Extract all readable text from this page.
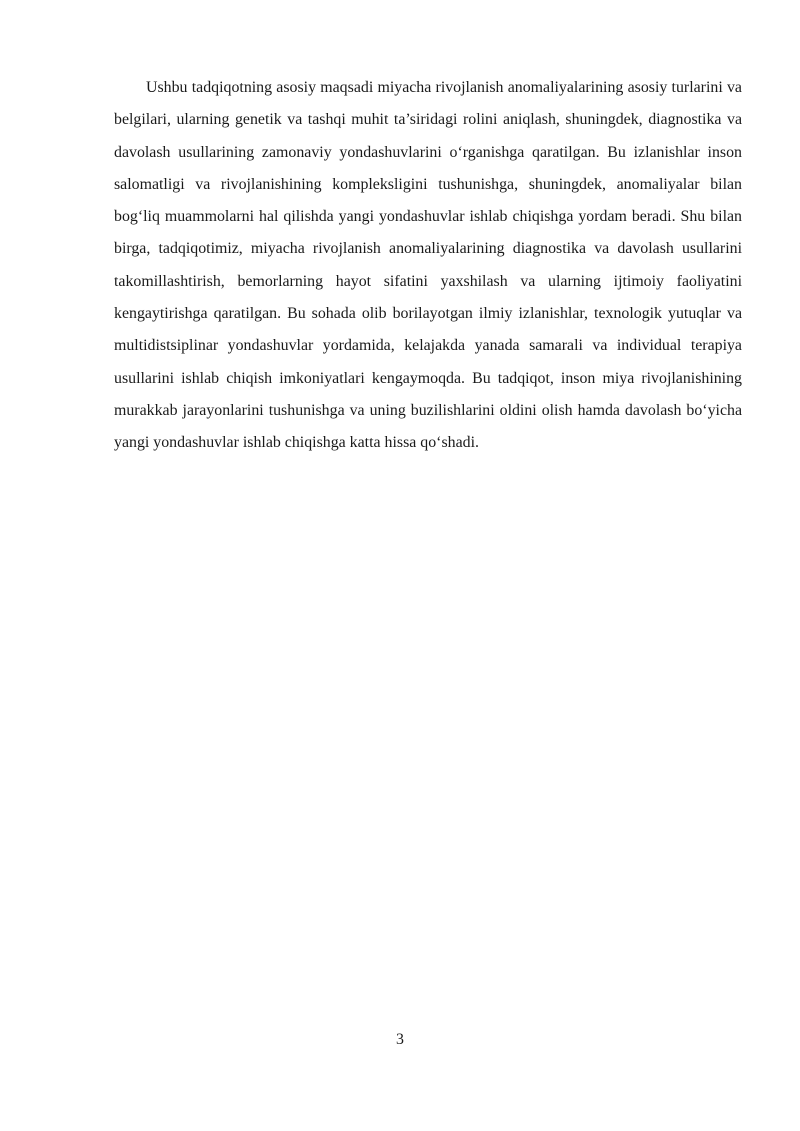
Ushbu tadqiqotning asosiy maqsadi miyacha rivojlanish anomaliyalarining asosiy turlarini va belgilari, ularning genetik va tashqi muhit ta’siridagi rolini aniqlash, shuningdek, diagnostika va davolash usullarining zamonaviy yondashuvlarini o‘rganishga qaratilgan. Bu izlanishlar inson salomatligi va rivojlanishining kompleksligini tushunishga, shuningdek, anomaliyalar bilan bog‘liq muammolarni hal qilishda yangi yondashuvlar ishlab chiqishga yordam beradi. Shu bilan birga, tadqiqotimiz, miyacha rivojlanish anomaliyalarining diagnostika va davolash usullarini takomillashtirish, bemorlarning hayot sifatini yaxshilash va ularning ijtimoiy faoliyatini kengaytirishga qaratilgan. Bu sohada olib borilayotgan ilmiy izlanishlar, texnologik yutuqlar va multidistsiplinar yondashuvlar yordamida, kelajakda yanada samarali va individual terapiya usullarini ishlab chiqish imkoniyatlari kengaymoqda. Bu tadqiqot, inson miya rivojlanishining murakkab jarayonlarini tushunishga va uning buzilishlarini oldini olish hamda davolash bo‘yicha yangi yondashuvlar ishlab chiqishga katta hissa qo‘shadi.

3
